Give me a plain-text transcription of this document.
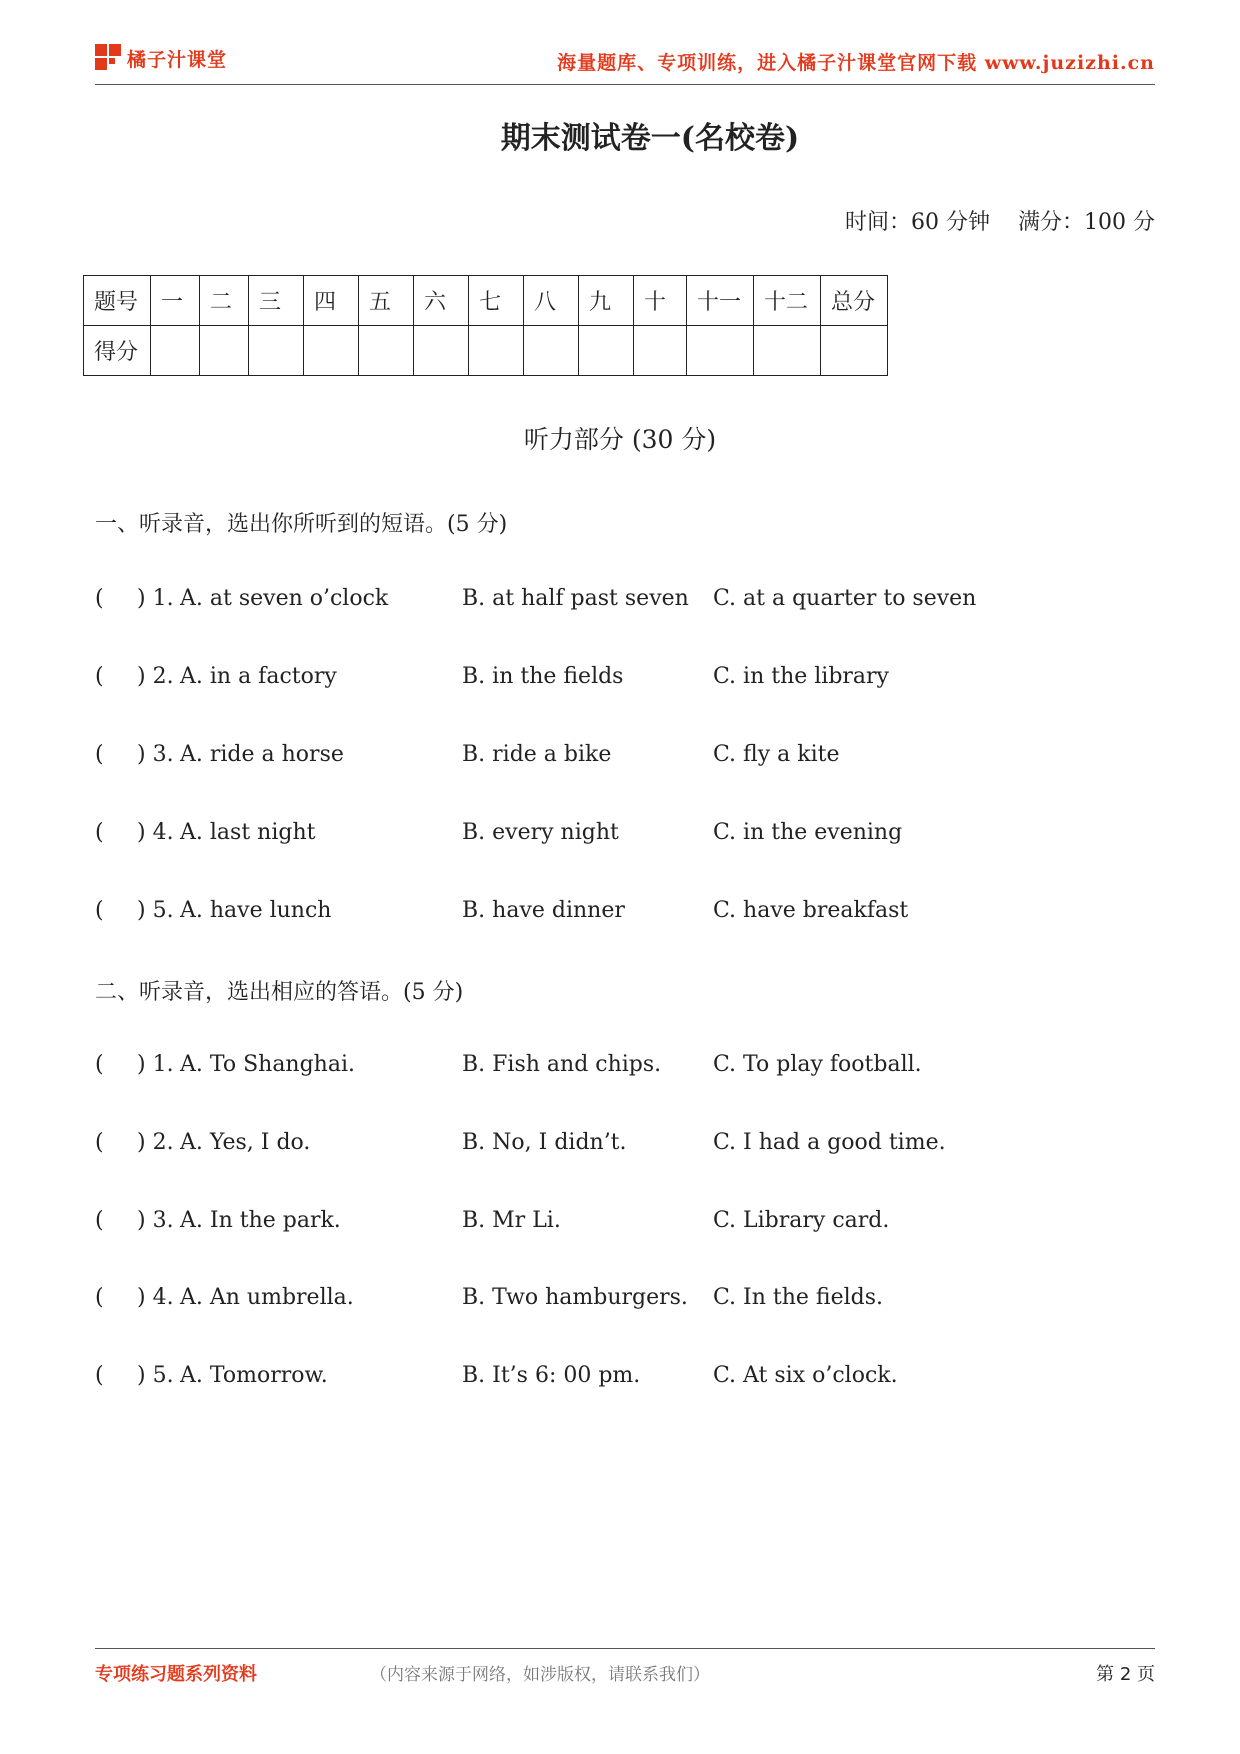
橘子汁课堂	海量题库、专项训练，进入橘子汁课堂官网下载 www.juzizhi.cn
期末测试卷一(名校卷)
时间：60 分钟    满分：100 分
题号	一	二	三	四	五	六	七	八	九	十	十一	十二	总分
得分													
听力部分 (30 分)
一、听录音，选出你所听到的短语。(5 分)
( ) 1. A. at seven o’clock	B. at half past seven C. at a quarter to seven
( ) 2. A. in a factory	B. in the fields	C. in the library
( ) 3. A. ride a horse	B. ride a bike	C. fly a kite
( ) 4. A. last night	B. every night	C. in the evening
( ) 5. A. have lunch	B. have dinner	C. have breakfast
二、听录音，选出相应的答语。(5 分)
( ) 1. A. To Shanghai.	B. Fish and chips. C. To play football.
( ) 2. A. Yes, I do.	B. No, I didn’t.	C. I had a good time.
( ) 3. A. In the park.	B. Mr Li.	C. Library card.
( ) 4. A. An umbrella.	B. Two hamburgers. C. In the fields.
( ) 5. A. Tomorrow.	B. It’s 6: 00 pm.	C. At six o’clock.
专项练习题系列资料	（内容来源于网络，如涉版权，请联系我们）	第 2 页
